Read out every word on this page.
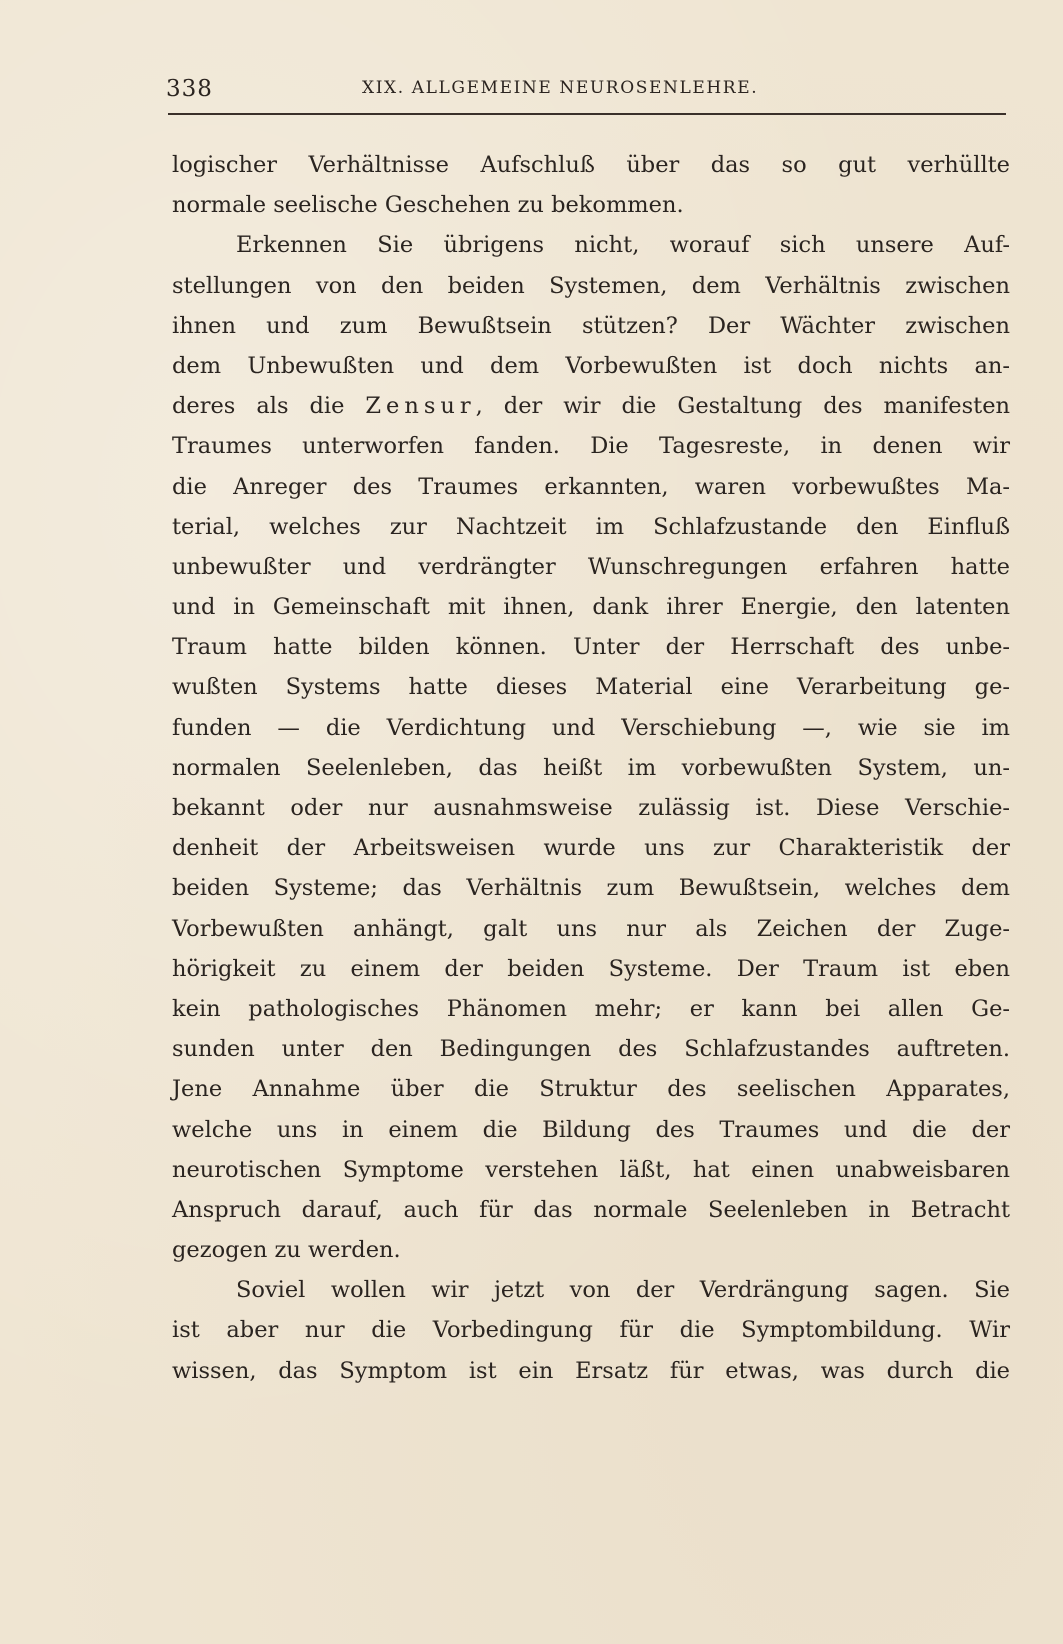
338	XIX. ALLGEMEINE NEUROSENLEHRE.
logischer Verhältnisse Aufschluß über das so gut verhüllte
normale seelische Geschehen zu bekommen.
Erkennen Sie übrigens nicht, worauf sich unsere Auf-
stellungen von den beiden Systemen, dem Verhältnis zwischen
ihnen und zum Bewußtsein stützen? Der Wächter zwischen
dem Unbewußten und dem Vorbewußten ist doch nichts an-
deres als die Zensur, der wir die Gestaltung des manifesten
Traumes unterworfen fanden. Die Tagesreste, in denen wir
die Anreger des Traumes erkannten, waren vorbewußtes Ma-
terial, welches zur Nachtzeit im Schlafzustande den Einfluß
unbewußter und verdrängter Wunschregungen erfahren hatte
und in Gemeinschaft mit ihnen, dank ihrer Energie, den latenten
Traum hatte bilden können. Unter der Herrschaft des unbe-
wußten Systems hatte dieses Material eine Verarbeitung ge-
funden — die Verdichtung und Verschiebung —, wie sie im
normalen Seelenleben, das heißt im vorbewußten System, un-
bekannt oder nur ausnahmsweise zulässig ist. Diese Verschie-
denheit der Arbeitsweisen wurde uns zur Charakteristik der
beiden Systeme; das Verhältnis zum Bewußtsein, welches dem
Vorbewußten anhängt, galt uns nur als Zeichen der Zuge-
hörigkeit zu einem der beiden Systeme. Der Traum ist eben
kein pathologisches Phänomen mehr; er kann bei allen Ge-
sunden unter den Bedingungen des Schlafzustandes auftreten.
Jene Annahme über die Struktur des seelischen Apparates,
welche uns in einem die Bildung des Traumes und die der
neurotischen Symptome verstehen läßt, hat einen unabweisbaren
Anspruch darauf, auch für das normale Seelenleben in Betracht
gezogen zu werden.
Soviel wollen wir jetzt von der Verdrängung sagen. Sie
ist aber nur die Vorbedingung für die Symptombildung. Wir
wissen, das Symptom ist ein Ersatz für etwas, was durch die
